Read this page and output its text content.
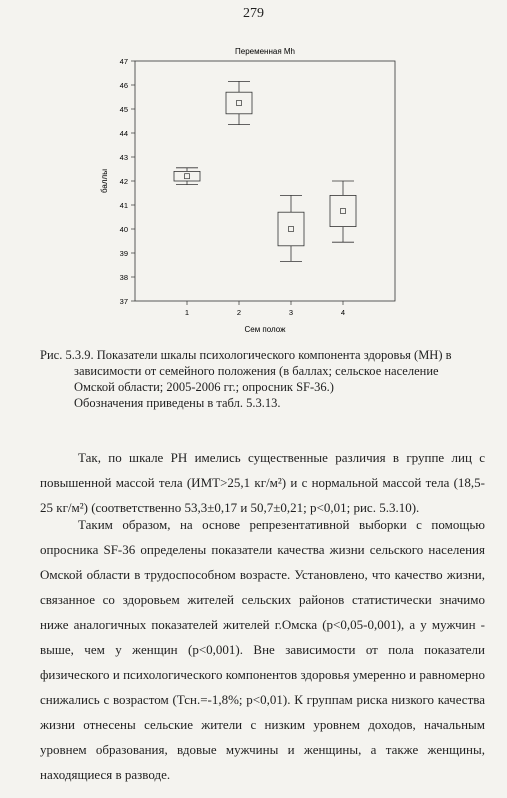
279
Переменная Mh
37
38
39
40
41
42
43
44
45
46
47
1	2	3	4
баллы
Сем полож
Рис. 5.3.9. Показатели шкалы психологического компонента здоровья (МН) в
зависимости от семейного положения (в баллах; сельское население
Омской области; 2005-2006 гг.; опросник SF-36.)
Обозначения приведены в табл. 5.3.13.

Так, по шкале РН имелись существенные различия в группе лиц с повышенной массой тела (ИМТ>25,1 кг/м²) и с нормальной массой тела (18,5-25 кг/м²) (соответственно 53,3±0,17 и 50,7±0,21; р<0,01; рис. 5.3.10).

Таким образом, на основе репрезентативной выборки с помощью опросника SF-36 определены показатели качества жизни сельского населения Омской области в трудоспособном возрасте. Установлено, что качество жизни, связанное со здоровьем жителей сельских районов статистически значимо ниже аналогичных показателей жителей г.Омска (р<0,05-0,001), а у мужчин - выше, чем у женщин (р<0,001). Вне зависимости от пола показатели физического и психологического компонентов здоровья умеренно и равномерно снижались с возрастом (Тсн.=-1,8%; р<0,01). К группам риска низкого качества жизни отнесены сельские жители с низким уровнем доходов, начальным уровнем образования, вдовые мужчины и женщины, а также женщины, находящиеся в разводе.
